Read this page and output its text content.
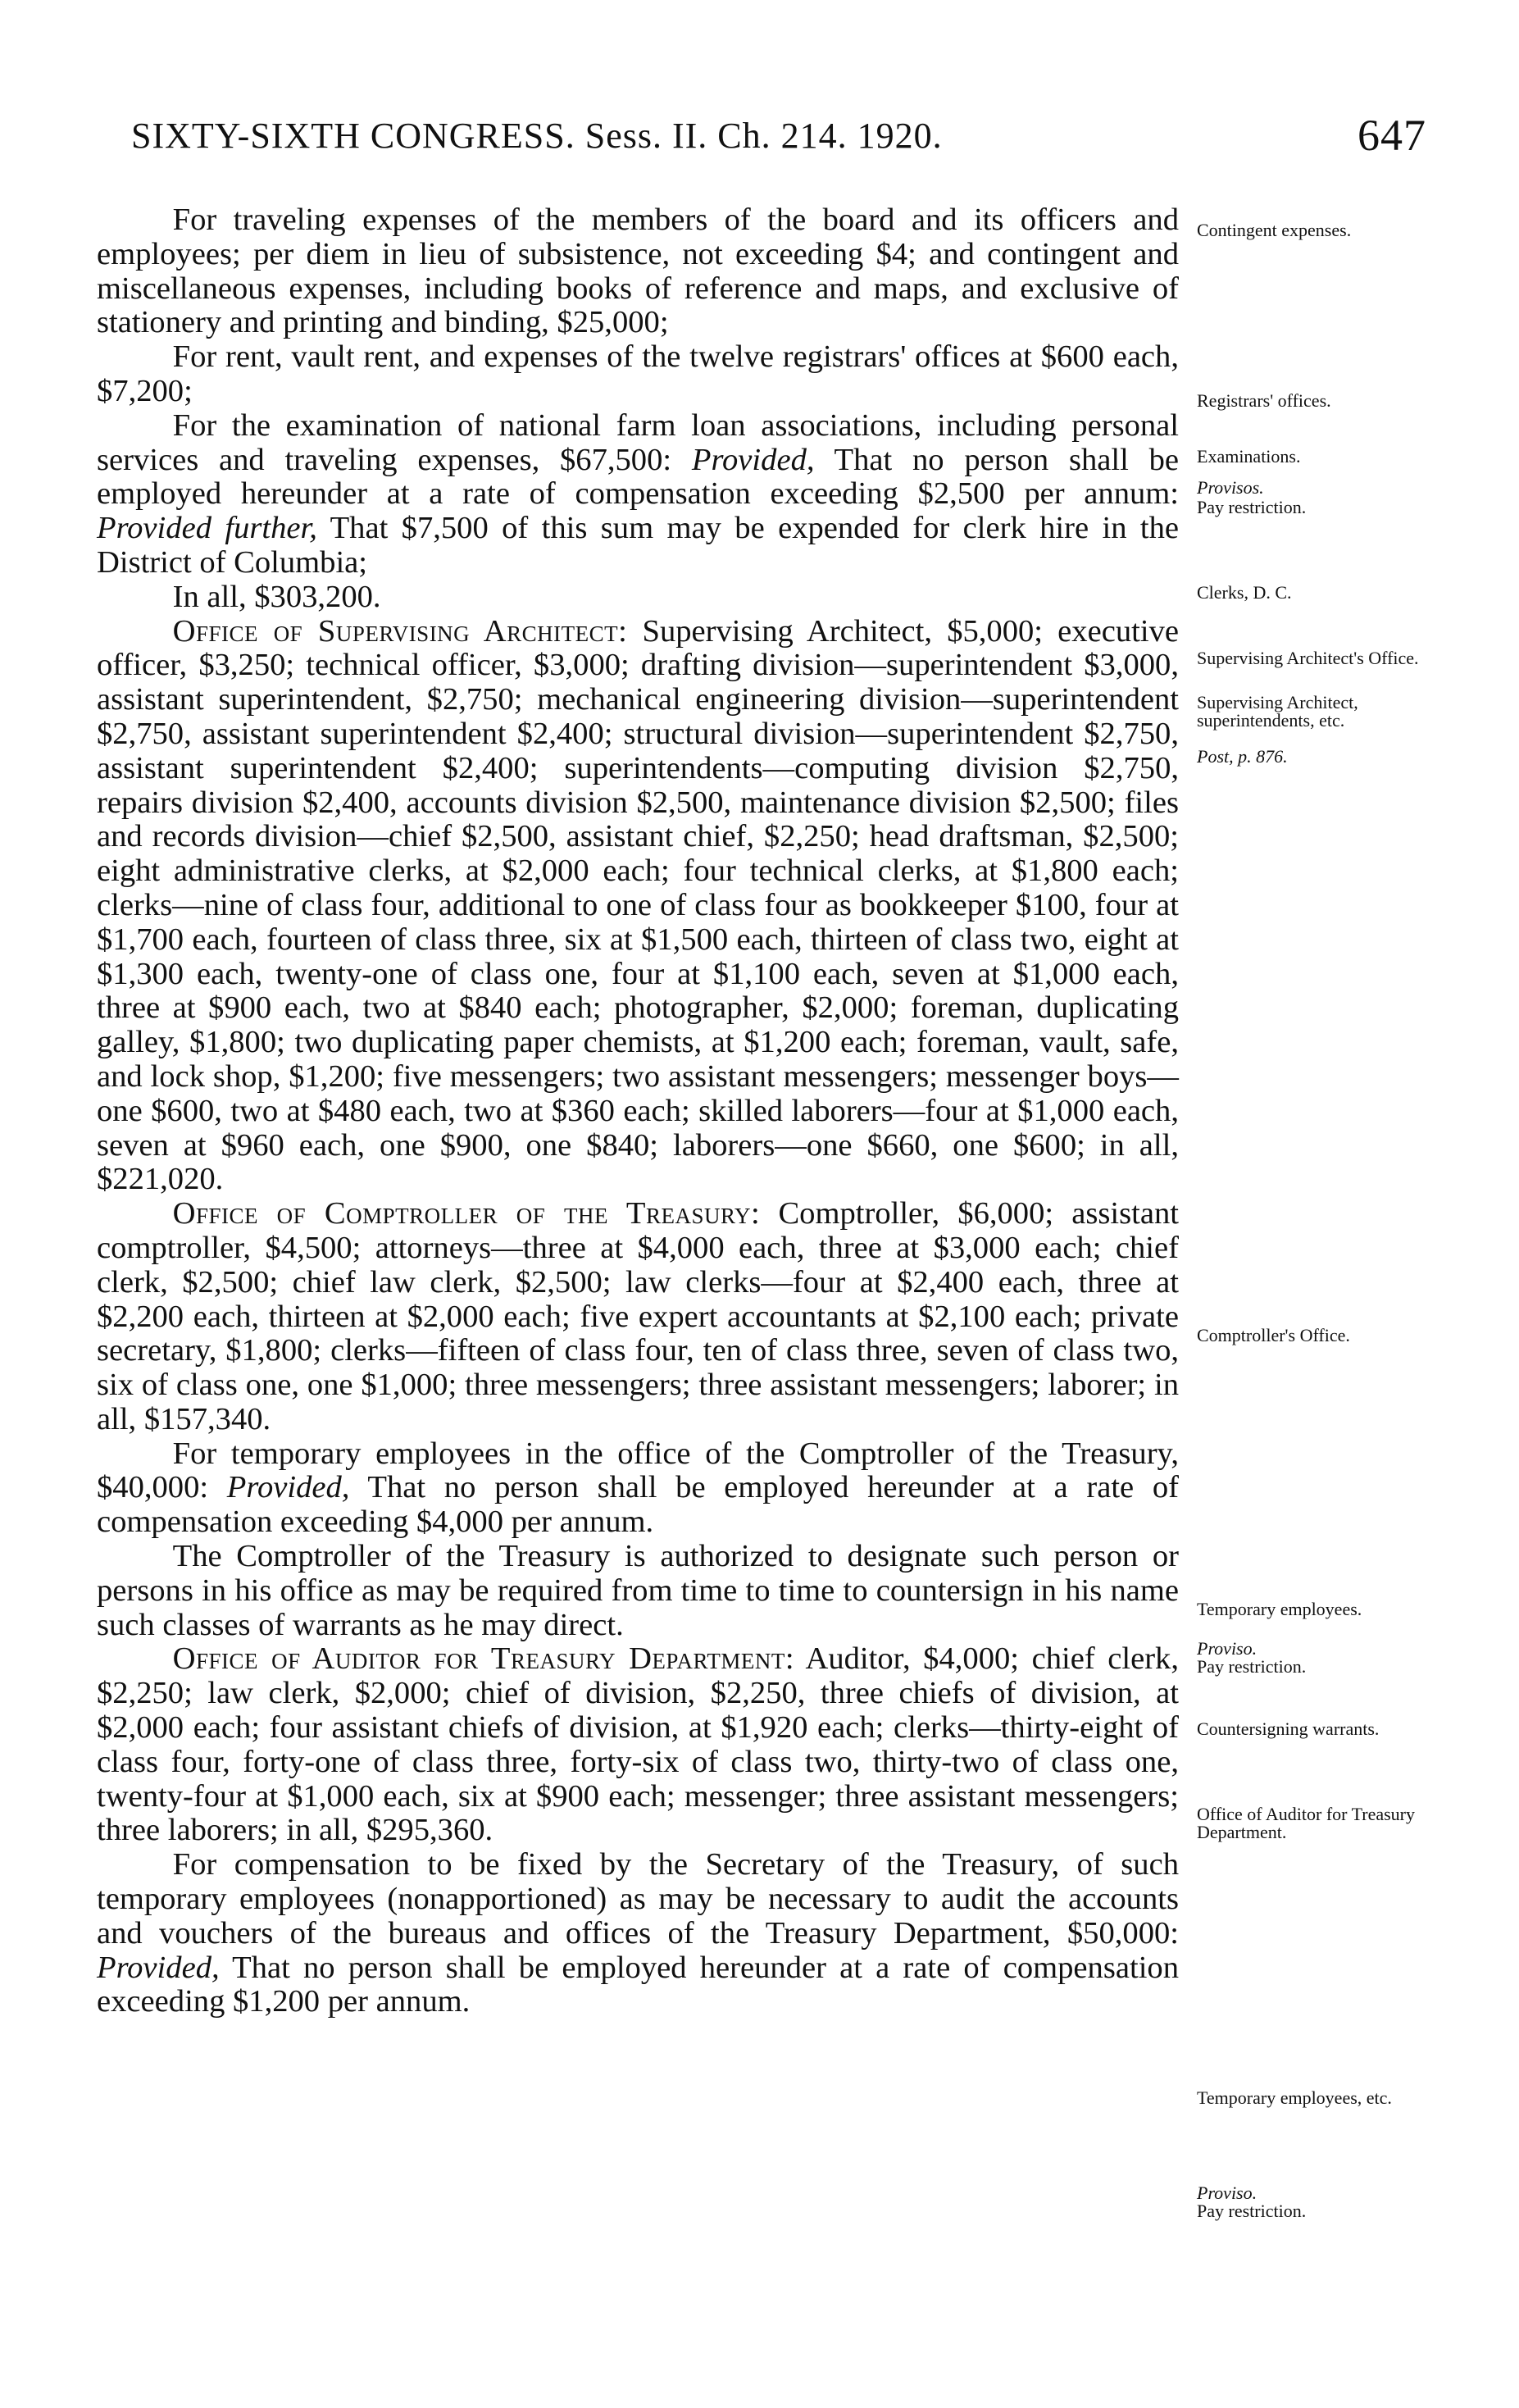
SIXTY-SIXTH CONGRESS. Sess. II. Ch. 214. 1920.	647

For traveling expenses of the members of the board and its officers and employees; per diem in lieu of subsistence, not exceeding $4; and contingent and miscellaneous expenses, including books of reference and maps, and exclusive of stationery and printing and binding, $25,000;

For rent, vault rent, and expenses of the twelve registrars' offices at $600 each, $7,200;

For the examination of national farm loan associations, including personal services and traveling expenses, $67,500: Provided, That no person shall be employed hereunder at a rate of compensation exceeding $2,500 per annum: Provided further, That $7,500 of this sum may be expended for clerk hire in the District of Columbia;

In all, $303,200.

Office of Supervising Architect: Supervising Architect, $5,000; executive officer, $3,250; technical officer, $3,000; drafting division—superintendent $3,000, assistant superintendent, $2,750; mechanical engineering division—superintendent $2,750, assistant superintendent $2,400; structural division—superintendent $2,750, assistant superintendent $2,400; superintendents—computing division $2,750, repairs division $2,400, accounts division $2,500, maintenance division $2,500; files and records division—chief $2,500, assistant chief, $2,250; head draftsman, $2,500; eight administrative clerks, at $2,000 each; four technical clerks, at $1,800 each; clerks—nine of class four, additional to one of class four as bookkeeper $100, four at $1,700 each, fourteen of class three, six at $1,500 each, thirteen of class two, eight at $1,300 each, twenty-one of class one, four at $1,100 each, seven at $1,000 each, three at $900 each, two at $840 each; photographer, $2,000; foreman, duplicating galley, $1,800; two duplicating paper chemists, at $1,200 each; foreman, vault, safe, and lock shop, $1,200; five messengers; two assistant messengers; messenger boys—one $600, two at $480 each, two at $360 each; skilled laborers—four at $1,000 each, seven at $960 each, one $900, one $840; laborers—one $660, one $600; in all, $221,020.

Office of Comptroller of the Treasury: Comptroller, $6,000; assistant comptroller, $4,500; attorneys—three at $4,000 each, three at $3,000 each; chief clerk, $2,500; chief law clerk, $2,500; law clerks—four at $2,400 each, three at $2,200 each, thirteen at $2,000 each; five expert accountants at $2,100 each; private secretary, $1,800; clerks—fifteen of class four, ten of class three, seven of class two, six of class one, one $1,000; three messengers; three assistant messengers; laborer; in all, $157,340.

For temporary employees in the office of the Comptroller of the Treasury, $40,000: Provided, That no person shall be employed hereunder at a rate of compensation exceeding $4,000 per annum.

The Comptroller of the Treasury is authorized to designate such person or persons in his office as may be required from time to time to countersign in his name such classes of warrants as he may direct.

Office of Auditor for Treasury Department: Auditor, $4,000; chief clerk, $2,250; law clerk, $2,000; chief of division, $2,250, three chiefs of division, at $2,000 each; four assistant chiefs of division, at $1,920 each; clerks—thirty-eight of class four, forty-one of class three, forty-six of class two, thirty-two of class one, twenty-four at $1,000 each, six at $900 each; messenger; three assistant messengers; three laborers; in all, $295,360.

For compensation to be fixed by the Secretary of the Treasury, of such temporary employees (nonapportioned) as may be necessary to audit the accounts and vouchers of the bureaus and offices of the Treasury Department, $50,000: Provided, That no person shall be employed hereunder at a rate of compensation exceeding $1,200 per annum.

Contingent expenses.
Registrars' offices.
Examinations.
Provisos.
Pay restriction.
Clerks, D. C.
Supervising Architect's Office.
Supervising Architect, superintendents, etc.
Post, p. 876.
Comptroller's Office.
Temporary employees.
Proviso.
Pay restriction.
Countersigning warrants.
Office of Auditor for Treasury Department.
Temporary employees, etc.
Proviso.
Pay restriction.
